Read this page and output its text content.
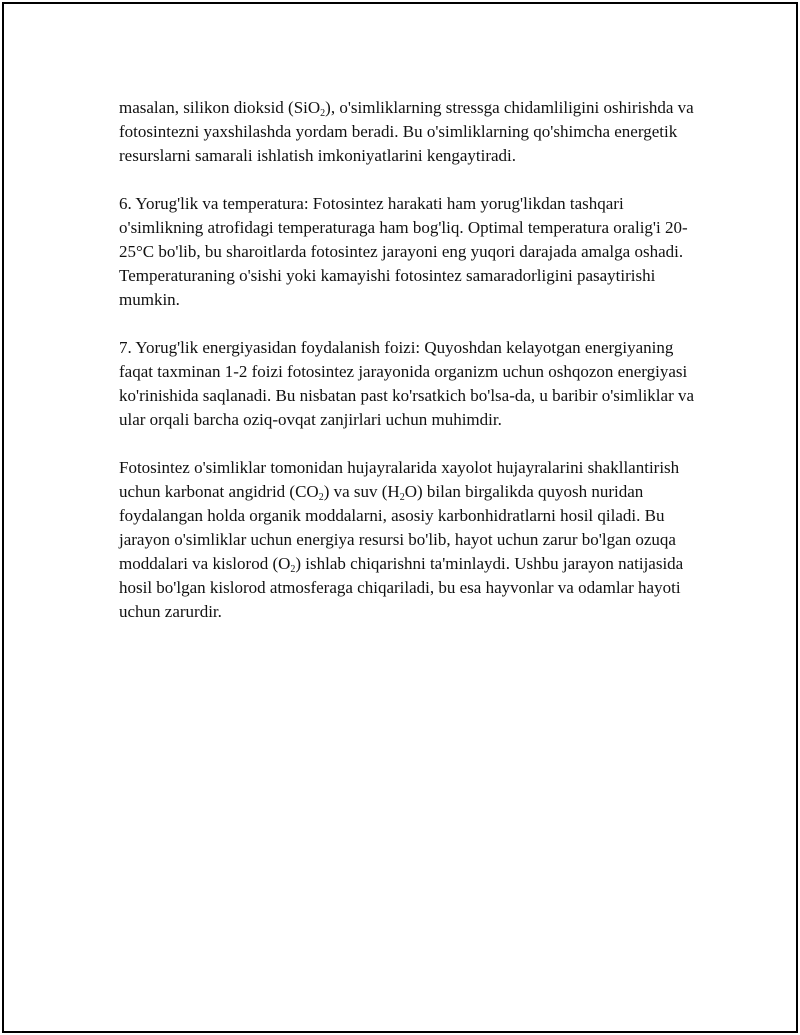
masalan, silikon dioksid (SiO$_2$), o'simliklarning stressga chidamliligini oshirishda va fotosintezni yaxshilashda yordam beradi. Bu o'simliklarning qo'shimcha energetik resurslarni samarali ishlatish imkoniyatlarini kengaytiradi.

6. Yorug'lik va temperatura: Fotosintez harakati ham yorug'likdan tashqari o'simlikning atrofidagi temperaturaga ham bog'liq. Optimal temperatura oralig'i 20-25°C bo'lib, bu sharoitlarda fotosintez jarayoni eng yuqori darajada amalga oshadi. Temperaturaning o'sishi yoki kamayishi fotosintez samaradorligini pasaytirishi mumkin.

7. Yorug'lik energiyasidan foydalanish foizi: Quyoshdan kelayotgan energiyaning faqat taxminan 1-2 foizi fotosintez jarayonida organizm uchun oshqozon energiyasi ko'rinishida saqlanadi. Bu nisbatan past ko'rsatkich bo'lsa-da, u baribir o'simliklar va ular orqali barcha oziq-ovqat zanjirlari uchun muhimdir.

Fotosintez o'simliklar tomonidan hujayralarida xayolot hujayralarini shakllantirish uchun karbonat angidrid $(CO_2)$ va suv $(H_2O)$ bilan birgalikda quyosh nuridan foydalangan holda organik moddalarni, asosiy karbonhidratlarni hosil qiladi. Bu jarayon o'simliklar uchun energiya resursi bo'lib, hayot uchun zarur bo'lgan ozuqa moddalari va kislorod $(O_2)$ ishlab chiqarishni ta'minlaydi. Ushbu jarayon natijasida hosil bo'lgan kislorod atmosferaga chiqariladi, bu esa hayvonlar va odamlar hayoti uchun zarurdir.
